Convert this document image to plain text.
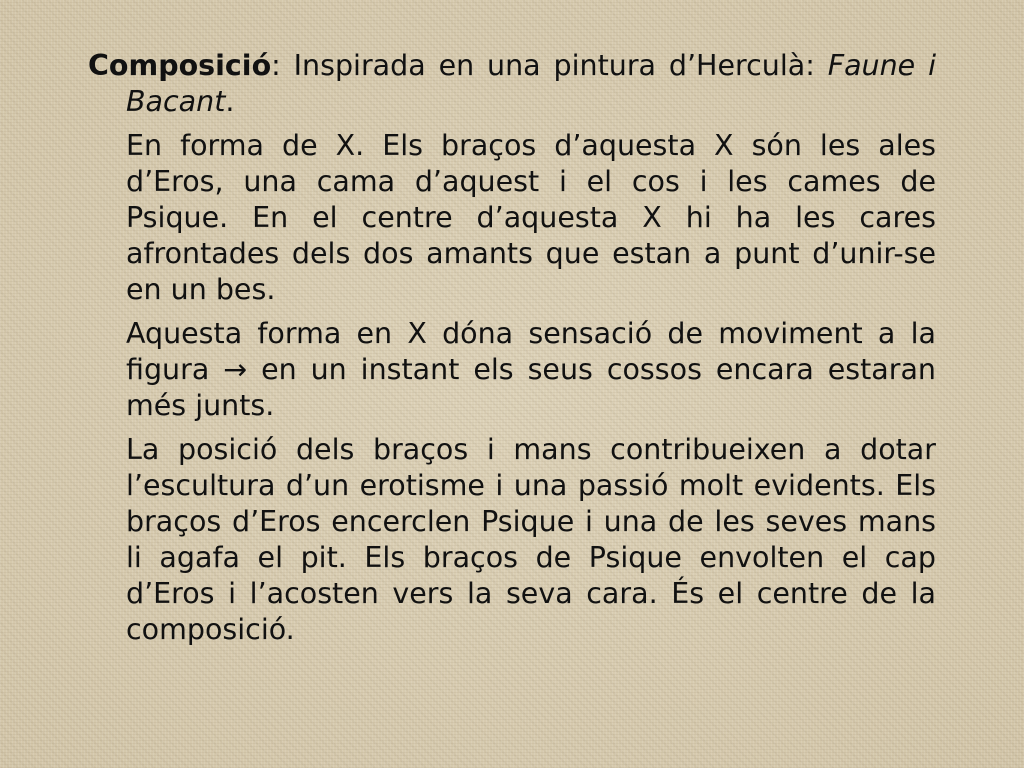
Composició: Inspirada en una pintura d’Herculà: Faune i Bacant.

En forma de X. Els braços d’aquesta X són les ales d’Eros, una cama d’aquest i el cos i les cames de Psique. En el centre d’aquesta X hi ha les cares afrontades dels dos amants que estan a punt d’unir-se en un bes.

Aquesta forma en X dóna sensació de moviment a la figura → en un instant els seus cossos encara estaran més junts.

La posició dels braços i mans contribueixen a dotar l’escultura d’un erotisme i una passió molt evidents. Els braços d’Eros encerclen Psique i una de les seves mans li agafa el pit. Els braços de Psique envolten el cap d’Eros i l’acosten vers la seva cara. És el centre de la composició.
